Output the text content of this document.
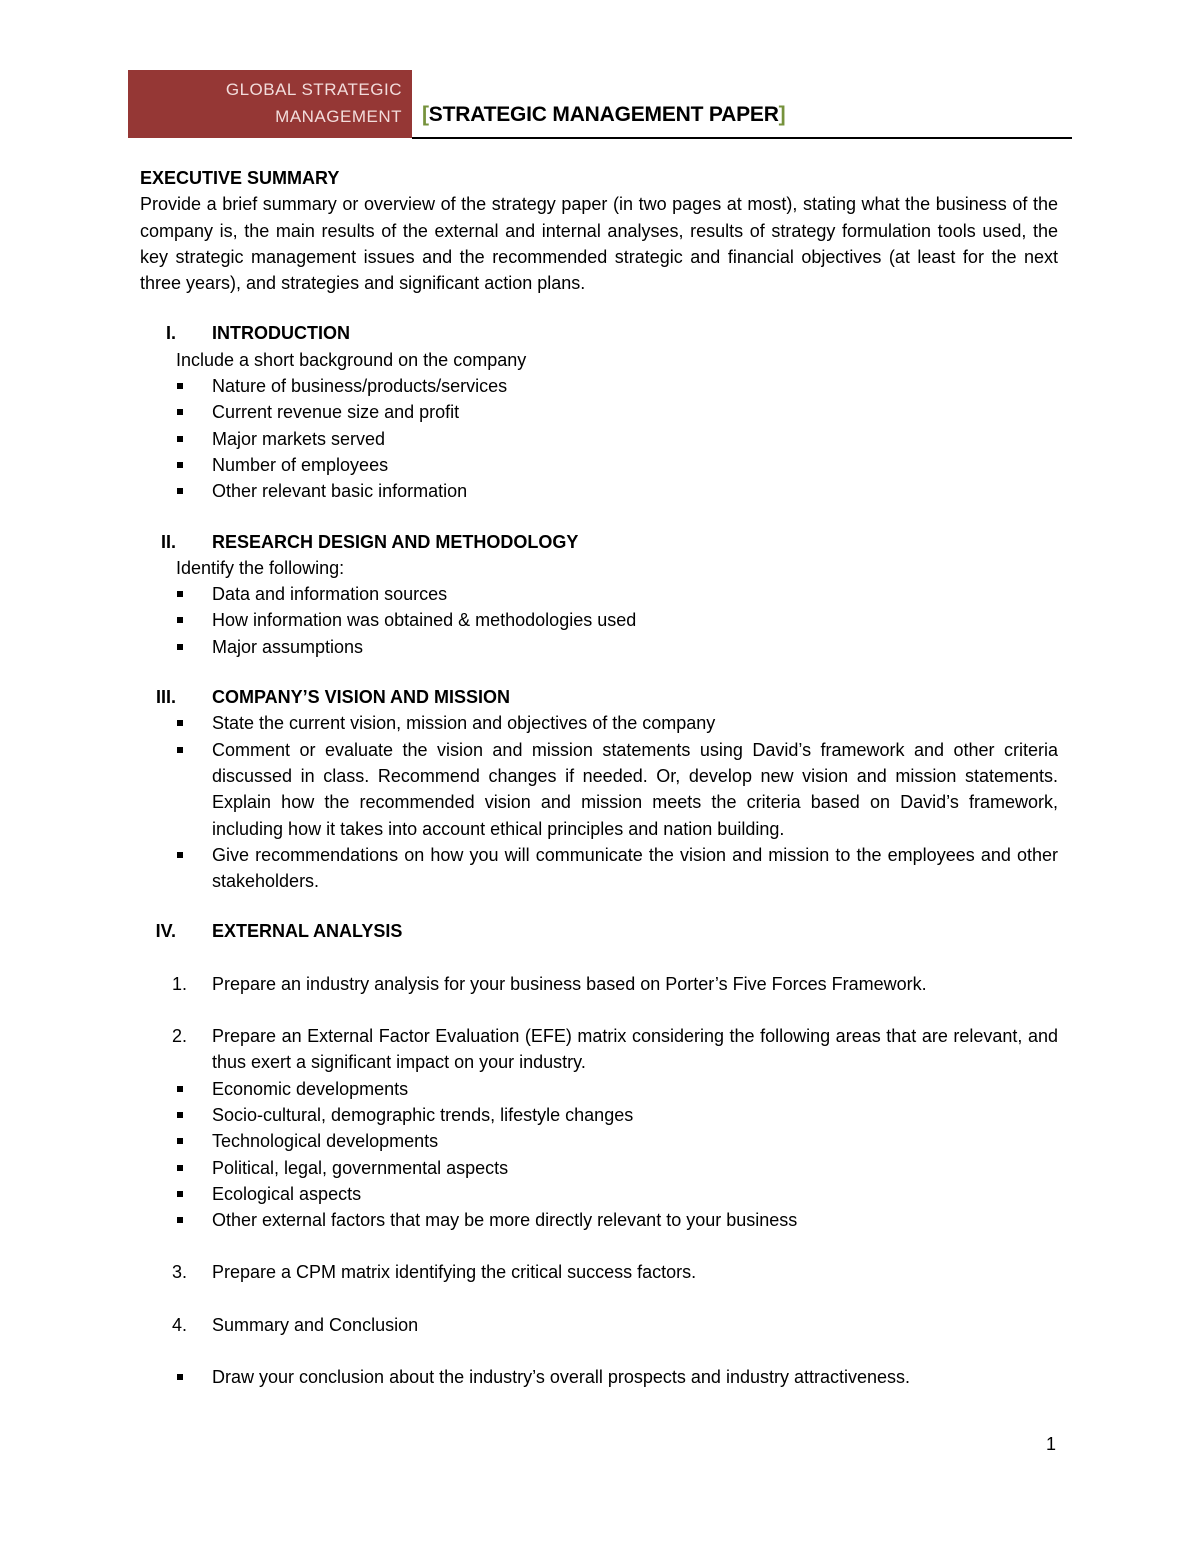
GLOBAL STRATEGIC
MANAGEMENT [STRATEGIC MANAGEMENT PAPER]
EXECUTIVE SUMMARY

Provide a brief summary or overview of the strategy paper (in two pages at most), stating what the business of the company is, the main results of the external and internal analyses, results of strategy formulation tools used, the key strategic management issues and the recommended strategic and financial objectives (at least for the next three years), and strategies and significant action plans.

I. INTRODUCTION
Include a short background on the company
Nature of business/products/services
Current revenue size and profit
Major markets served
Number of employees
Other relevant basic information
II. RESEARCH DESIGN AND METHODOLOGY
Identify the following:
Data and information sources
How information was obtained & methodologies used
Major assumptions
III. COMPANY’S VISION AND MISSION
State the current vision, mission and objectives of the company
Comment or evaluate the vision and mission statements using David’s framework and other criteria discussed in class. Recommend changes if needed. Or, develop new vision and mission statements. Explain how the recommended vision and mission meets the criteria based on David’s framework, including how it takes into account ethical principles and nation building.
Give recommendations on how you will communicate the vision and mission to the employees and other stakeholders.
IV. EXTERNAL ANALYSIS
1. Prepare an industry analysis for your business based on Porter’s Five Forces Framework.
2. Prepare an External Factor Evaluation (EFE) matrix considering the following areas that are relevant, and thus exert a significant impact on your industry.
Economic developments
Socio-cultural, demographic trends, lifestyle changes
Technological developments
Political, legal, governmental aspects
Ecological aspects
Other external factors that may be more directly relevant to your business
3. Prepare a CPM matrix identifying the critical success factors.
4. Summary and Conclusion
Draw your conclusion about the industry’s overall prospects and industry attractiveness.
1
